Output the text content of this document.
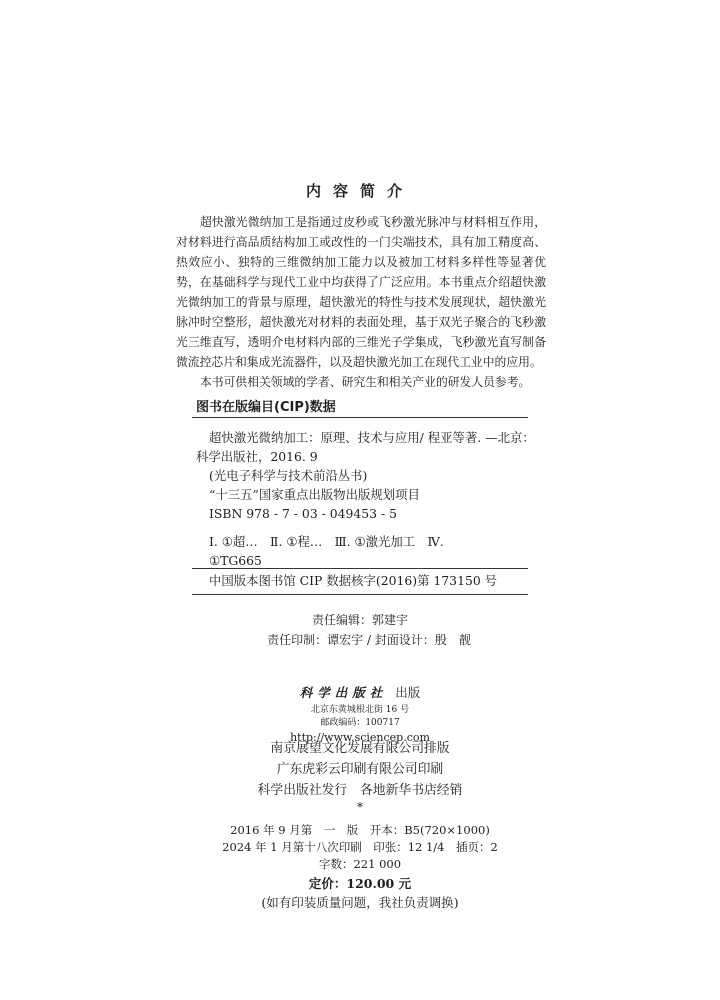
内容简介

超快激光微纳加工是指通过皮秒或飞秒激光脉冲与材料相互作用，对材料进行高品质结构加工或改性的一门尖端技术，具有加工精度高、热效应小、独特的三维微纳加工能力以及被加工材料多样性等显著优势，在基础科学与现代工业中均获得了广泛应用。本书重点介绍超快激光微纳加工的背景与原理，超快激光的特性与技术发展现状，超快激光脉冲时空整形，超快激光对材料的表面处理，基于双光子聚合的飞秒激光三维直写，透明介电材料内部的三维光子学集成，飞秒激光直写制备微流控芯片和集成光流器件，以及超快激光加工在现代工业中的应用。

本书可供相关领域的学者、研究生和相关产业的研发人员参考。

图书在版编目(CIP)数据
超快激光微纳加工：原理、技术与应用/ 程亚等著. —北京：
科学出版社，2016. 9
(光电子科学与技术前沿丛书)
“十三五”国家重点出版物出版规划项目
ISBN 978 - 7 - 03 - 049453 - 5
Ⅰ. ①超…　Ⅱ. ①程…　Ⅲ. ①激光加工　Ⅳ.
①TG665
中国版本图书馆 CIP 数据核字(2016)第 173150 号
责任编辑：郭建宇
责任印制：谭宏宇 / 封面设计：殷　靓
科学出版社 出版
北京东黄城根北街 16 号
邮政编码：100717
http://www.sciencep.com
南京展望文化发展有限公司排版
广东虎彩云印刷有限公司印刷
科学出版社发行　各地新华书店经销
*
2016 年 9 月第　一　版　开本：B5(720×1000)
2024 年 1 月第十八次印刷　印张：12 1/4　插页：2
字数：221 000
定价：120.00 元
(如有印装质量问题，我社负责调换)
